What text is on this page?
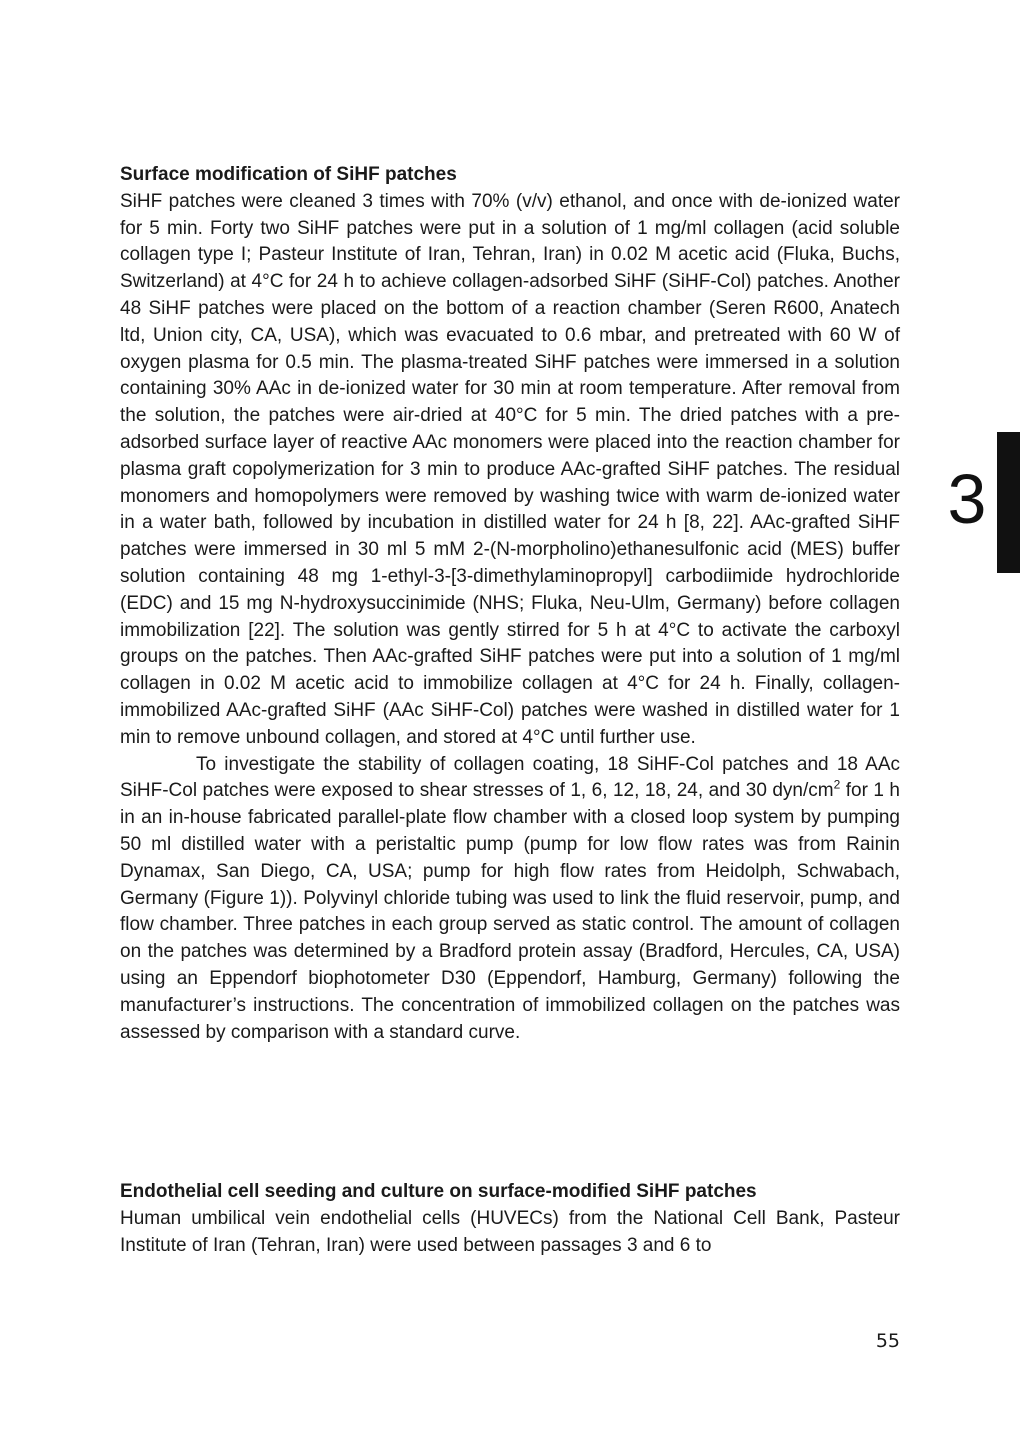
Surface modification of SiHF patches

SiHF patches were cleaned 3 times with 70% (v/v) ethanol, and once with de-ionized water for 5 min. Forty two SiHF patches were put in a solution of 1 mg/ml collagen (acid soluble collagen type I; Pasteur Institute of Iran, Tehran, Iran) in 0.02 M acetic acid (Fluka, Buchs, Switzerland) at 4°C for 24 h to achieve collagen-adsorbed SiHF (SiHF-Col) patches. Another 48 SiHF patches were placed on the bottom of a reaction chamber (Seren R600, Anatech ltd, Union city, CA, USA), which was evacuated to 0.6 mbar, and pretreated with 60 W of oxygen plasma for 0.5 min. The plasma-treated SiHF patches were immersed in a solution containing 30% AAc in de-ionized water for 30 min at room temperature. After removal from the solution, the patches were air-dried at 40°C for 5 min. The dried patches with a pre-adsorbed surface layer of reactive AAc monomers were placed into the reaction chamber for plasma graft copolymerization for 3 min to produce AAc-grafted SiHF patches. The residual monomers and homopolymers were removed by washing twice with warm de-ionized water in a water bath, followed by incubation in distilled water for 24 h [8, 22]. AAc-grafted SiHF patches were immersed in 30 ml 5 mM 2-(N-morpholino)ethanesulfonic acid (MES) buffer solution containing 48 mg 1-ethyl-3-[3-dimethylaminopropyl] carbodiimide hydrochloride (EDC) and 15 mg N-hydroxysuccinimide (NHS; Fluka, Neu-Ulm, Germany) before collagen immobilization [22]. The solution was gently stirred for 5 h at 4°C to activate the carboxyl groups on the patches. Then AAc-grafted SiHF patches were put into a solution of 1 mg/ml collagen in 0.02 M acetic acid to immobilize collagen at 4°C for 24 h. Finally, collagen-immobilized AAc-grafted SiHF (AAc SiHF-Col) patches were washed in distilled water for 1 min to remove unbound collagen, and stored at 4°C until further use.

To investigate the stability of collagen coating, 18 SiHF-Col patches and 18 AAc SiHF-Col patches were exposed to shear stresses of 1, 6, 12, 18, 24, and 30 dyn/$cm^2$ for 1 h in an in-house fabricated parallel-plate flow chamber with a closed loop system by pumping 50 ml distilled water with a peristaltic pump (pump for low flow rates was from Rainin Dynamax, San Diego, CA, USA; pump for high flow rates from Heidolph, Schwabach, Germany (Figure 1)). Polyvinyl chloride tubing was used to link the fluid reservoir, pump, and flow chamber. Three patches in each group served as static control. The amount of collagen on the patches was determined by a Bradford protein assay (Bradford, Hercules, CA, USA) using an Eppendorf biophotometer D30 (Eppendorf, Hamburg, Germany) following the manufacturer’s instructions. The concentration of immobilized collagen on the patches was assessed by comparison with a standard curve.

Endothelial cell seeding and culture on surface-modified SiHF patches

Human umbilical vein endothelial cells (HUVECs) from the National Cell Bank, Pasteur Institute of Iran (Tehran, Iran) were used between passages 3 and 6 to

3
55
